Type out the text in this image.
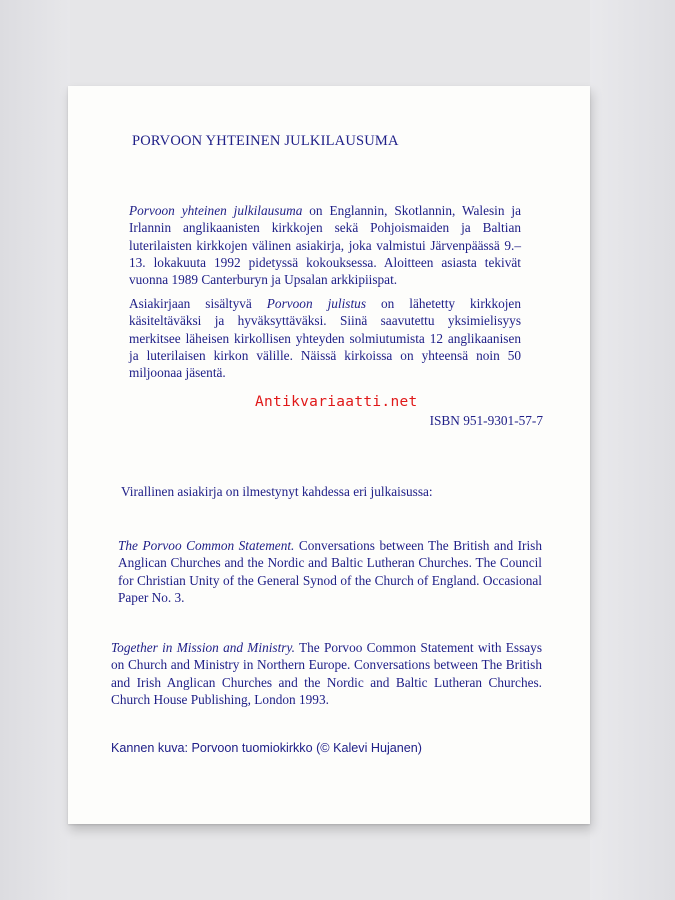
PORVOON YHTEINEN JULKILAUSUMA

Porvoon yhteinen julkilausuma on Englannin, Skotlannin, Walesin ja Irlannin anglikaanisten kirkkojen sekä Pohjoismaiden ja Baltian luterilaisten kirkkojen välinen asiakirja, joka valmistui Järvenpäässä 9.–13. lokakuuta 1992 pidetyssä kokouksessa. Aloitteen asiasta tekivät vuonna 1989 Canterburyn ja Upsalan arkkipiispat.

Asiakirjaan sisältyvä Porvoon julistus on lähetetty kirkkojen käsiteltäväksi ja hyväksyttäväksi. Siinä saavutettu yksimielisyys merkitsee läheisen kirkollisen yhteyden solmiutumista 12 anglikaanisen ja luterilaisen kirkon välille. Näissä kirkoissa on yhteensä noin 50 miljoonaa jäsentä.

Antikvariaatti.net
ISBN 951-9301-57-7

Virallinen asiakirja on ilmestynyt kahdessa eri julkaisussa:

The Porvoo Common Statement. Conversations between The British and Irish Anglican Churches and the Nordic and Baltic Lutheran Churches. The Council for Christian Unity of the General Synod of the Church of England. Occasional Paper No. 3.

Together in Mission and Ministry. The Porvoo Common Statement with Essays on Church and Ministry in Northern Europe. Conversations between The British and Irish Anglican Churches and the Nordic and Baltic Lutheran Churches. Church House Publishing, London 1993.

Kannen kuva: Porvoon tuomiokirkko (© Kalevi Hujanen)
